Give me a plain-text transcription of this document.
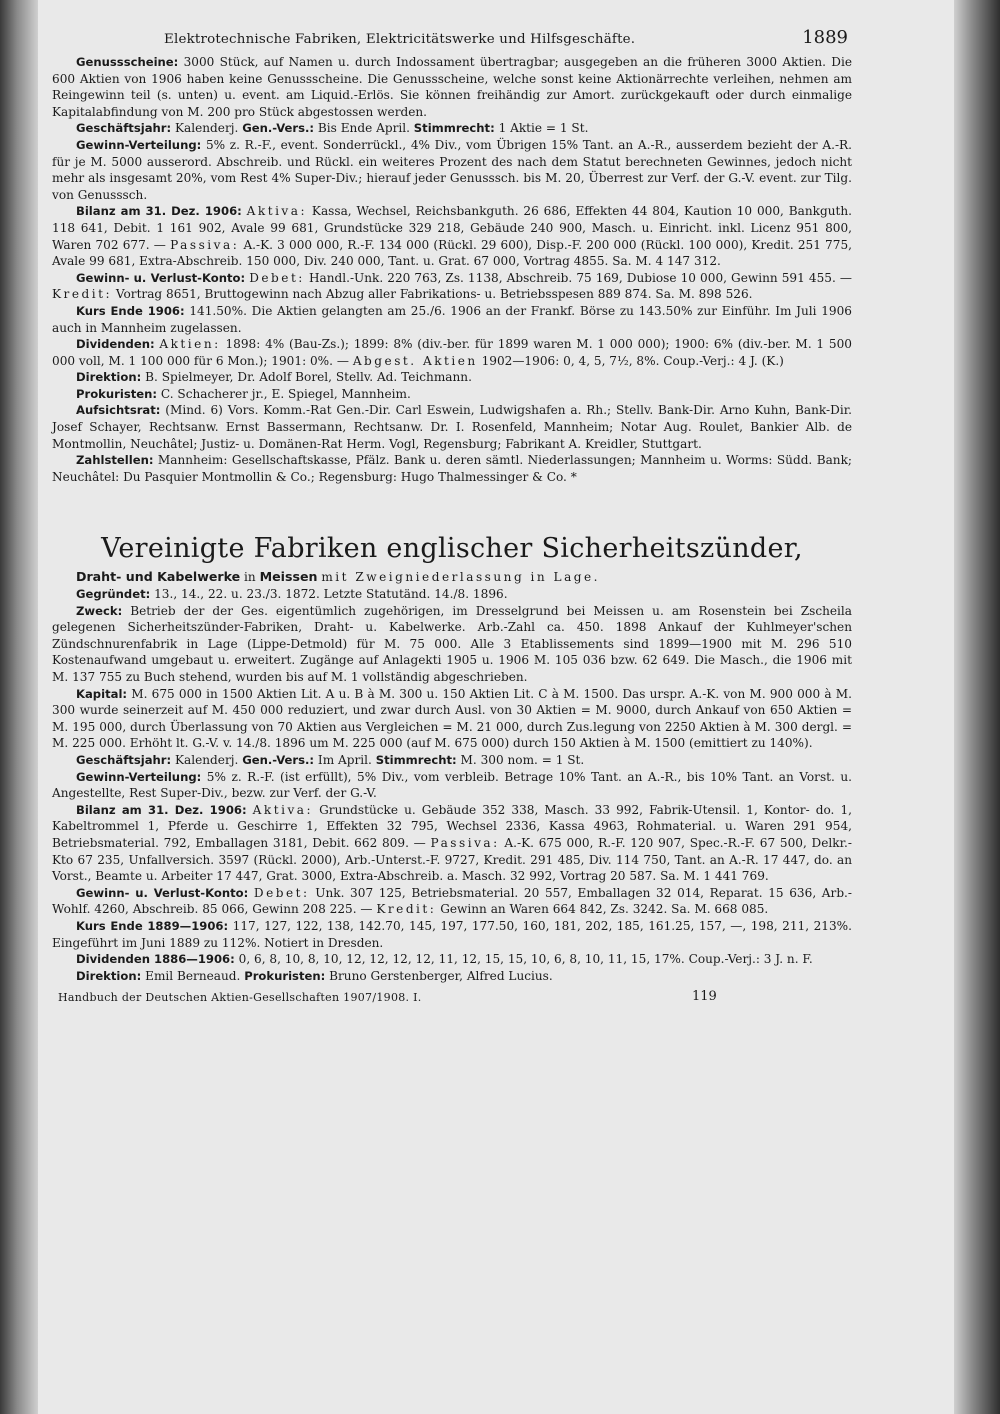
Elektrotechnische Fabriken, Elektricitätswerke und Hilfsgeschäfte.	1889

Genussscheine: 3000 Stück, auf Namen u. durch Indossament übertragbar; ausgegeben an die früheren 3000 Aktien. Die 600 Aktien von 1906 haben keine Genussscheine. Die Genussscheine, welche sonst keine Aktionärrechte verleihen, nehmen am Reingewinn teil (s. unten) u. event. am Liquid.-Erlös. Sie können freihändig zur Amort. zurückgekauft oder durch einmalige Kapitalabfindung von M. 200 pro Stück abgestossen werden.

Geschäftsjahr: Kalenderj. Gen.-Vers.: Bis Ende April. Stimmrecht: 1 Aktie = 1 St.

Gewinn-Verteilung: 5% z. R.-F., event. Sonderrückl., 4% Div., vom Übrigen 15% Tant. an A.-R., ausserdem bezieht der A.-R. für je M. 5000 ausserord. Abschreib. und Rückl. ein weiteres Prozent des nach dem Statut berechneten Gewinnes, jedoch nicht mehr als insgesamt 20%, vom Rest 4% Super-Div.; hierauf jeder Genusssch. bis M. 20, Überrest zur Verf. der G.-V. event. zur Tilg. von Genusssch.

Bilanz am 31. Dez. 1906: Aktiva: Kassa, Wechsel, Reichsbankguth. 26 686, Effekten 44 804, Kaution 10 000, Bankguth. 118 641, Debit. 1 161 902, Avale 99 681, Grundstücke 329 218, Gebäude 240 900, Masch. u. Einricht. inkl. Licenz 951 800, Waren 702 677. — Passiva: A.-K. 3 000 000, R.-F. 134 000 (Rückl. 29 600), Disp.-F. 200 000 (Rückl. 100 000), Kredit. 251 775, Avale 99 681, Extra-Abschreib. 150 000, Div. 240 000, Tant. u. Grat. 67 000, Vortrag 4855. Sa. M. 4 147 312.

Gewinn- u. Verlust-Konto: Debet: Handl.-Unk. 220 763, Zs. 1138, Abschreib. 75 169, Dubiose 10 000, Gewinn 591 455. — Kredit: Vortrag 8651, Bruttogewinn nach Abzug aller Fabrikations- u. Betriebsspesen 889 874. Sa. M. 898 526.

Kurs Ende 1906: 141.50%. Die Aktien gelangten am 25./6. 1906 an der Frankf. Börse zu 143.50% zur Einführ. Im Juli 1906 auch in Mannheim zugelassen.

Dividenden: Aktien: 1898: 4% (Bau-Zs.); 1899: 8% (div.-ber. für 1899 waren M. 1 000 000); 1900: 6% (div.-ber. M. 1 500 000 voll, M. 1 100 000 für 6 Mon.); 1901: 0%. — Abgest. Aktien 1902—1906: 0, 4, 5, 7½, 8%. Coup.-Verj.: 4 J. (K.)

Direktion: B. Spielmeyer, Dr. Adolf Borel, Stellv. Ad. Teichmann.

Prokuristen: C. Schacherer jr., E. Spiegel, Mannheim.

Aufsichtsrat: (Mind. 6) Vors. Komm.-Rat Gen.-Dir. Carl Eswein, Ludwigshafen a. Rh.; Stellv. Bank-Dir. Arno Kuhn, Bank-Dir. Josef Schayer, Rechtsanw. Ernst Bassermann, Rechtsanw. Dr. I. Rosenfeld, Mannheim; Notar Aug. Roulet, Bankier Alb. de Montmollin, Neuchâtel; Justiz- u. Domänen-Rat Herm. Vogl, Regensburg; Fabrikant A. Kreidler, Stuttgart.

Zahlstellen: Mannheim: Gesellschaftskasse, Pfälz. Bank u. deren sämtl. Niederlassungen; Mannheim u. Worms: Südd. Bank; Neuchâtel: Du Pasquier Montmollin & Co.; Regensburg: Hugo Thalmessinger & Co. *

Vereinigte Fabriken englischer Sicherheitszünder,

Draht- und Kabelwerke in Meissen mit Zweigniederlassung in Lage.

Gegründet: 13., 14., 22. u. 23./3. 1872. Letzte Statutänd. 14./8. 1896.

Zweck: Betrieb der der Ges. eigentümlich zugehörigen, im Dresselgrund bei Meissen u. am Rosenstein bei Zscheila gelegenen Sicherheitszünder-Fabriken, Draht- u. Kabelwerke. Arb.-Zahl ca. 450. 1898 Ankauf der Kuhlmeyer'schen Zündschnurenfabrik in Lage (Lippe-Detmold) für M. 75 000. Alle 3 Etablissements sind 1899—1900 mit M. 296 510 Kostenaufwand umgebaut u. erweitert. Zugänge auf Anlagekti 1905 u. 1906 M. 105 036 bzw. 62 649. Die Masch., die 1906 mit M. 137 755 zu Buch stehend, wurden bis auf M. 1 vollständig abgeschrieben.

Kapital: M. 675 000 in 1500 Aktien Lit. A u. B à M. 300 u. 150 Aktien Lit. C à M. 1500. Das urspr. A.-K. von M. 900 000 à M. 300 wurde seinerzeit auf M. 450 000 reduziert, und zwar durch Ausl. von 30 Aktien = M. 9000, durch Ankauf von 650 Aktien = M. 195 000, durch Überlassung von 70 Aktien aus Vergleichen = M. 21 000, durch Zus.legung von 2250 Aktien à M. 300 dergl. = M. 225 000. Erhöht lt. G.-V. v. 14./8. 1896 um M. 225 000 (auf M. 675 000) durch 150 Aktien à M. 1500 (emittiert zu 140%).

Geschäftsjahr: Kalenderj. Gen.-Vers.: Im April. Stimmrecht: M. 300 nom. = 1 St.

Gewinn-Verteilung: 5% z. R.-F. (ist erfüllt), 5% Div., vom verbleib. Betrage 10% Tant. an A.-R., bis 10% Tant. an Vorst. u. Angestellte, Rest Super-Div., bezw. zur Verf. der G.-V.

Bilanz am 31. Dez. 1906: Aktiva: Grundstücke u. Gebäude 352 338, Masch. 33 992, Fabrik-Utensil. 1, Kontor- do. 1, Kabeltrommel 1, Pferde u. Geschirre 1, Effekten 32 795, Wechsel 2336, Kassa 4963, Rohmaterial. u. Waren 291 954, Betriebsmaterial. 792, Emballagen 3181, Debit. 662 809. — Passiva: A.-K. 675 000, R.-F. 120 907, Spec.-R.-F. 67 500, Delkr.-Kto 67 235, Unfallversich. 3597 (Rückl. 2000), Arb.-Unterst.-F. 9727, Kredit. 291 485, Div. 114 750, Tant. an A.-R. 17 447, do. an Vorst., Beamte u. Arbeiter 17 447, Grat. 3000, Extra-Abschreib. a. Masch. 32 992, Vortrag 20 587. Sa. M. 1 441 769.

Gewinn- u. Verlust-Konto: Debet: Unk. 307 125, Betriebsmaterial. 20 557, Emballagen 32 014, Reparat. 15 636, Arb.-Wohlf. 4260, Abschreib. 85 066, Gewinn 208 225. — Kredit: Gewinn an Waren 664 842, Zs. 3242. Sa. M. 668 085.

Kurs Ende 1889—1906: 117, 127, 122, 138, 142.70, 145, 197, 177.50, 160, 181, 202, 185, 161.25, 157, —, 198, 211, 213%. Eingeführt im Juni 1889 zu 112%. Notiert in Dresden.

Dividenden 1886—1906: 0, 6, 8, 10, 8, 10, 12, 12, 12, 12, 11, 12, 15, 15, 10, 6, 8, 10, 11, 15, 17%. Coup.-Verj.: 3 J. n. F.

Direktion: Emil Berneaud. Prokuristen: Bruno Gerstenberger, Alfred Lucius.

Handbuch der Deutschen Aktien-Gesellschaften 1907/1908. I.	119
